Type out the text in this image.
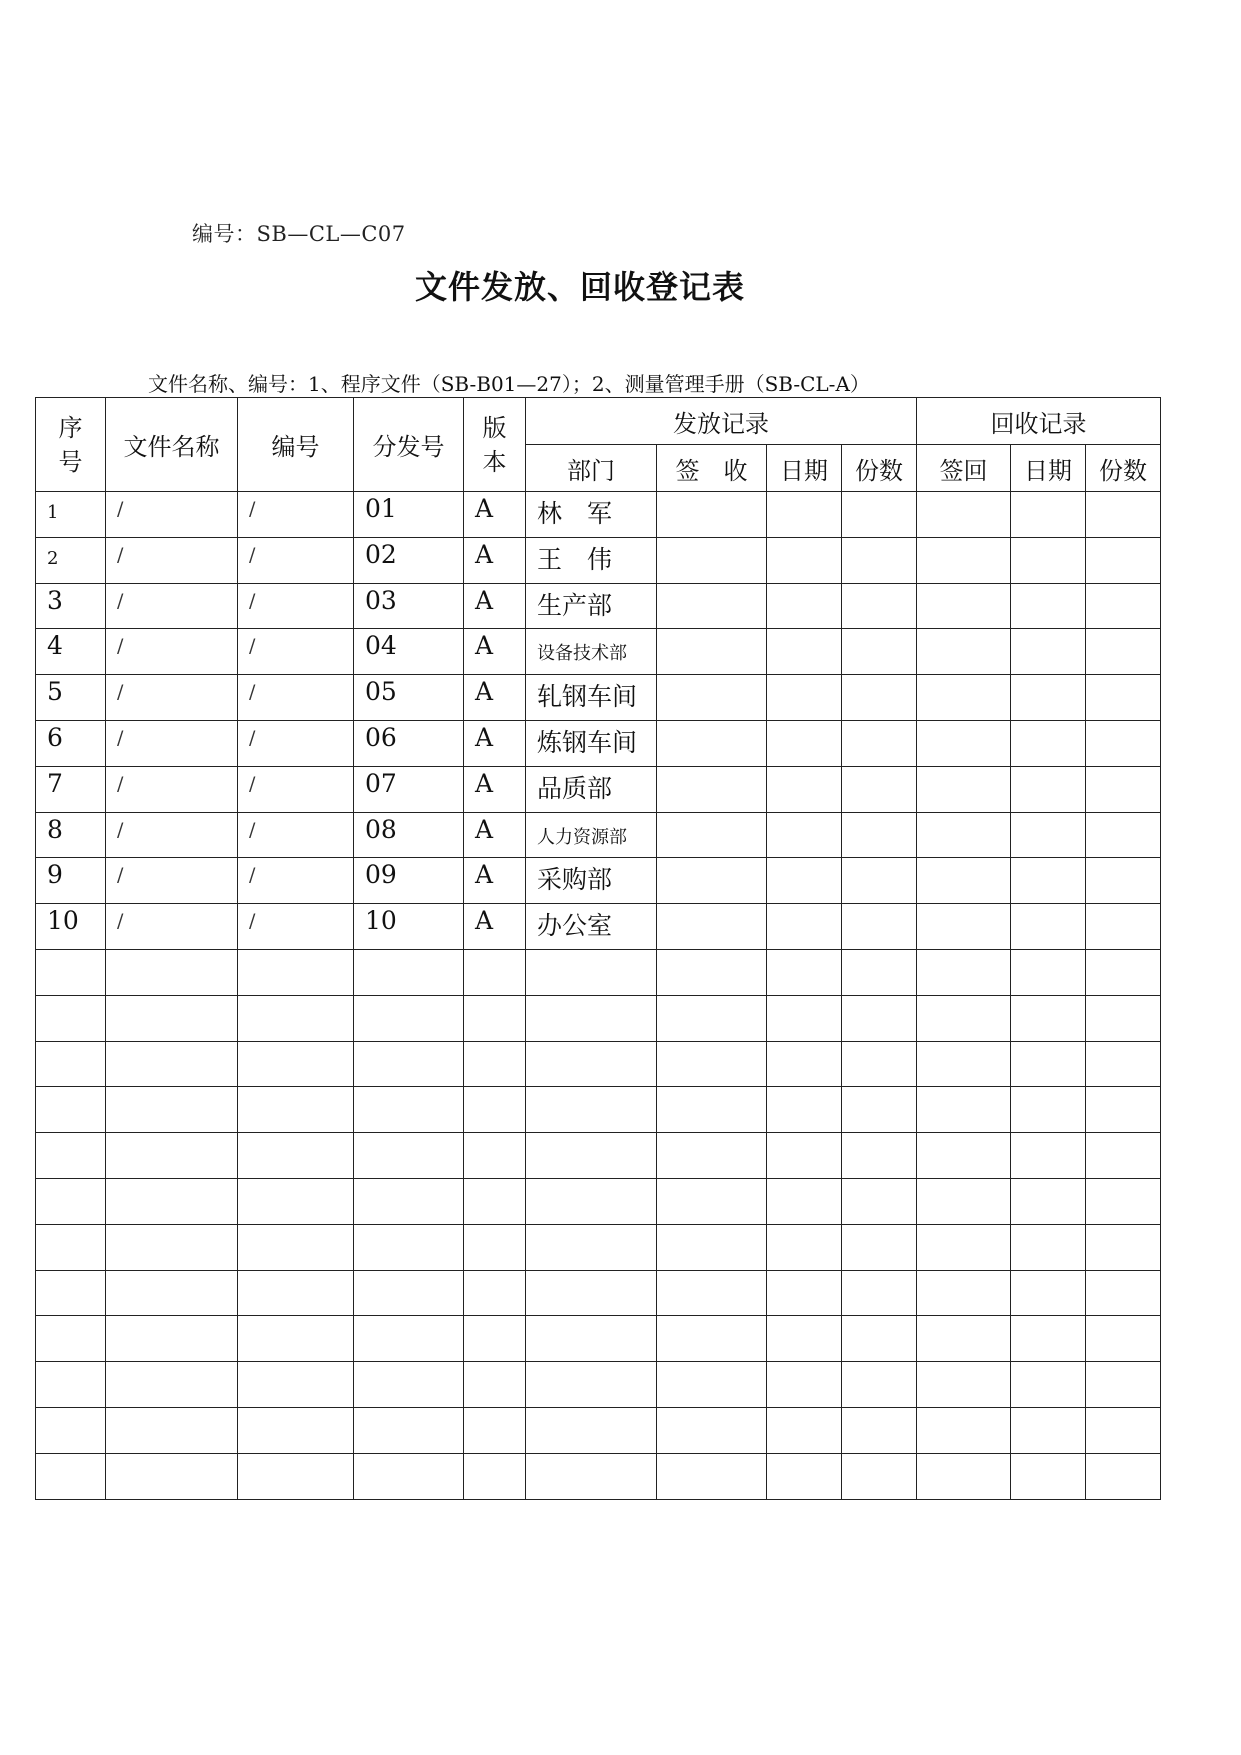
编号：SB—CL—C07
文件发放、回收登记表
文件名称、编号：1、程序文件（SB-B01—27）；2、测量管理手册（SB-CL-A）
序号	文件名称	编号	分发号	版本	发放记录				回收记录		
					部门	签　收	日期	份数	签回	日期	份数
1	/	/	01	A	林　军						
2	/	/	02	A	王　伟						
3	/	/	03	A	生产部						
4	/	/	04	A	设备技术部						
5	/	/	05	A	轧钢车间						
6	/	/	06	A	炼钢车间						
7	/	/	07	A	品质部						
8	/	/	08	A	人力资源部						
9	/	/	09	A	采购部						
10	/	/	10	A	办公室						
